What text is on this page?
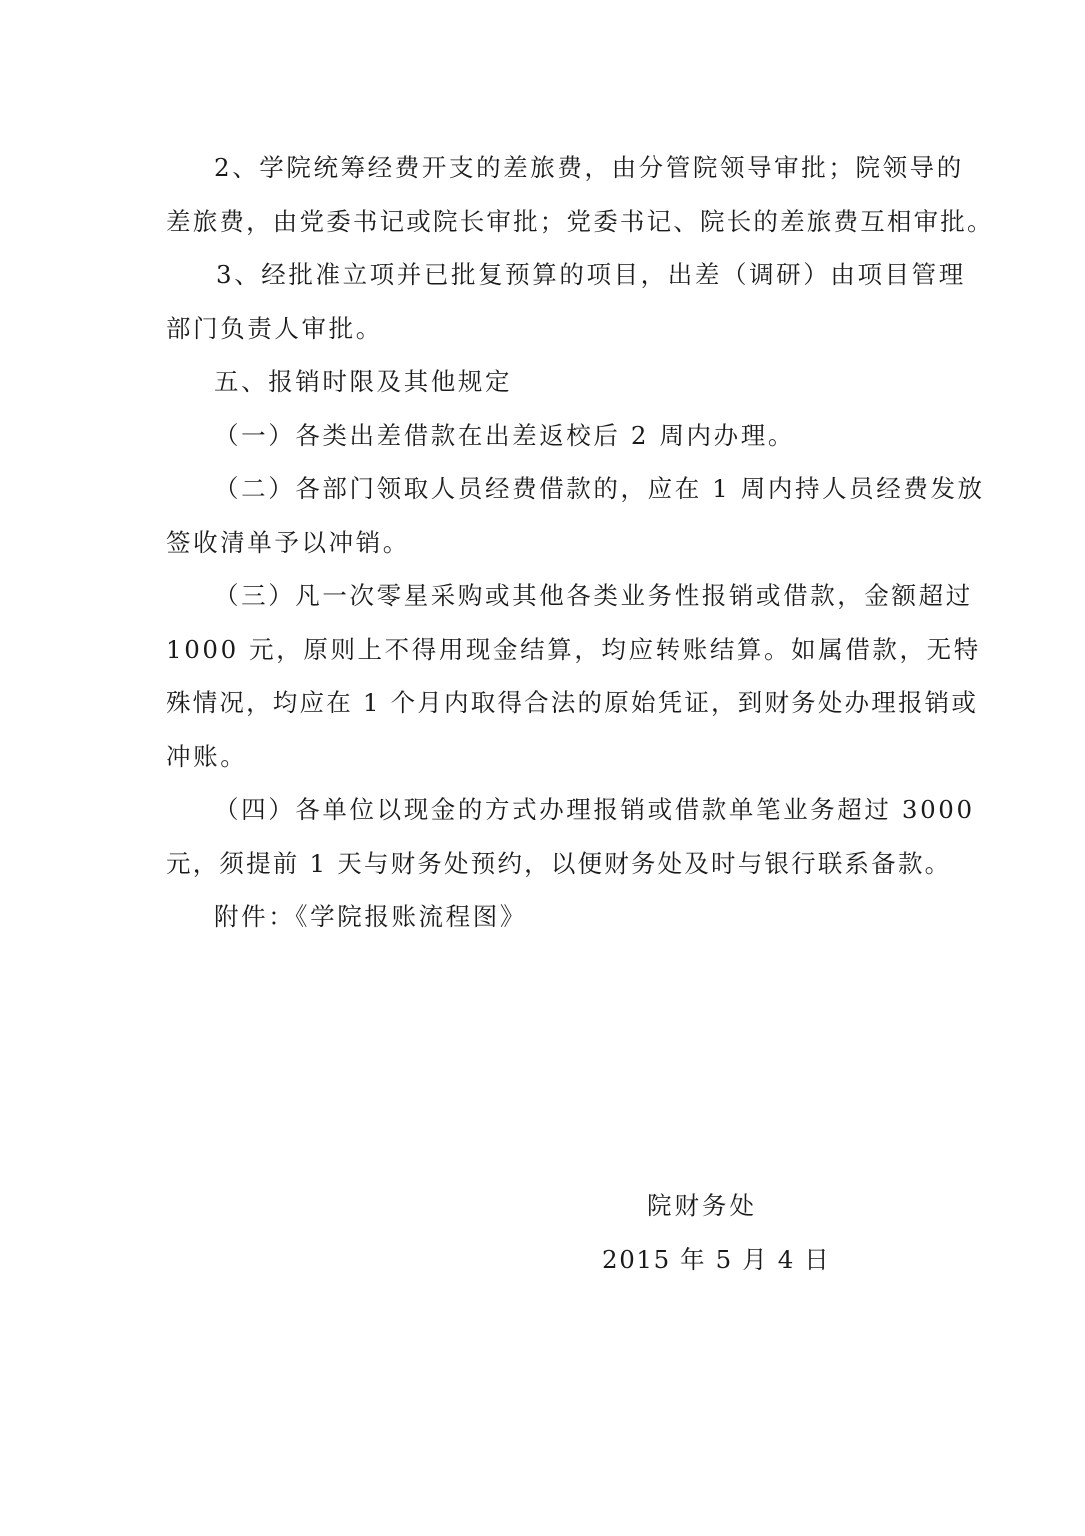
2、学院统筹经费开支的差旅费，由分管院领导审批；院领导的
差旅费，由党委书记或院长审批；党委书记、院长的差旅费互相审批。
3、经批准立项并已批复预算的项目，出差（调研）由项目管理
部门负责人审批。
五、报销时限及其他规定
（一）各类出差借款在出差返校后 2 周内办理。
（二）各部门领取人员经费借款的，应在 1 周内持人员经费发放
签收清单予以冲销。
（三）凡一次零星采购或其他各类业务性报销或借款，金额超过
1000 元，原则上不得用现金结算，均应转账结算。如属借款，无特
殊情况，均应在 1 个月内取得合法的原始凭证，到财务处办理报销或
冲账。
（四）各单位以现金的方式办理报销或借款单笔业务超过 3000
元，须提前 1 天与财务处预约，以便财务处及时与银行联系备款。
附件：《学院报账流程图》
院财务处
2015 年 5 月 4 日
